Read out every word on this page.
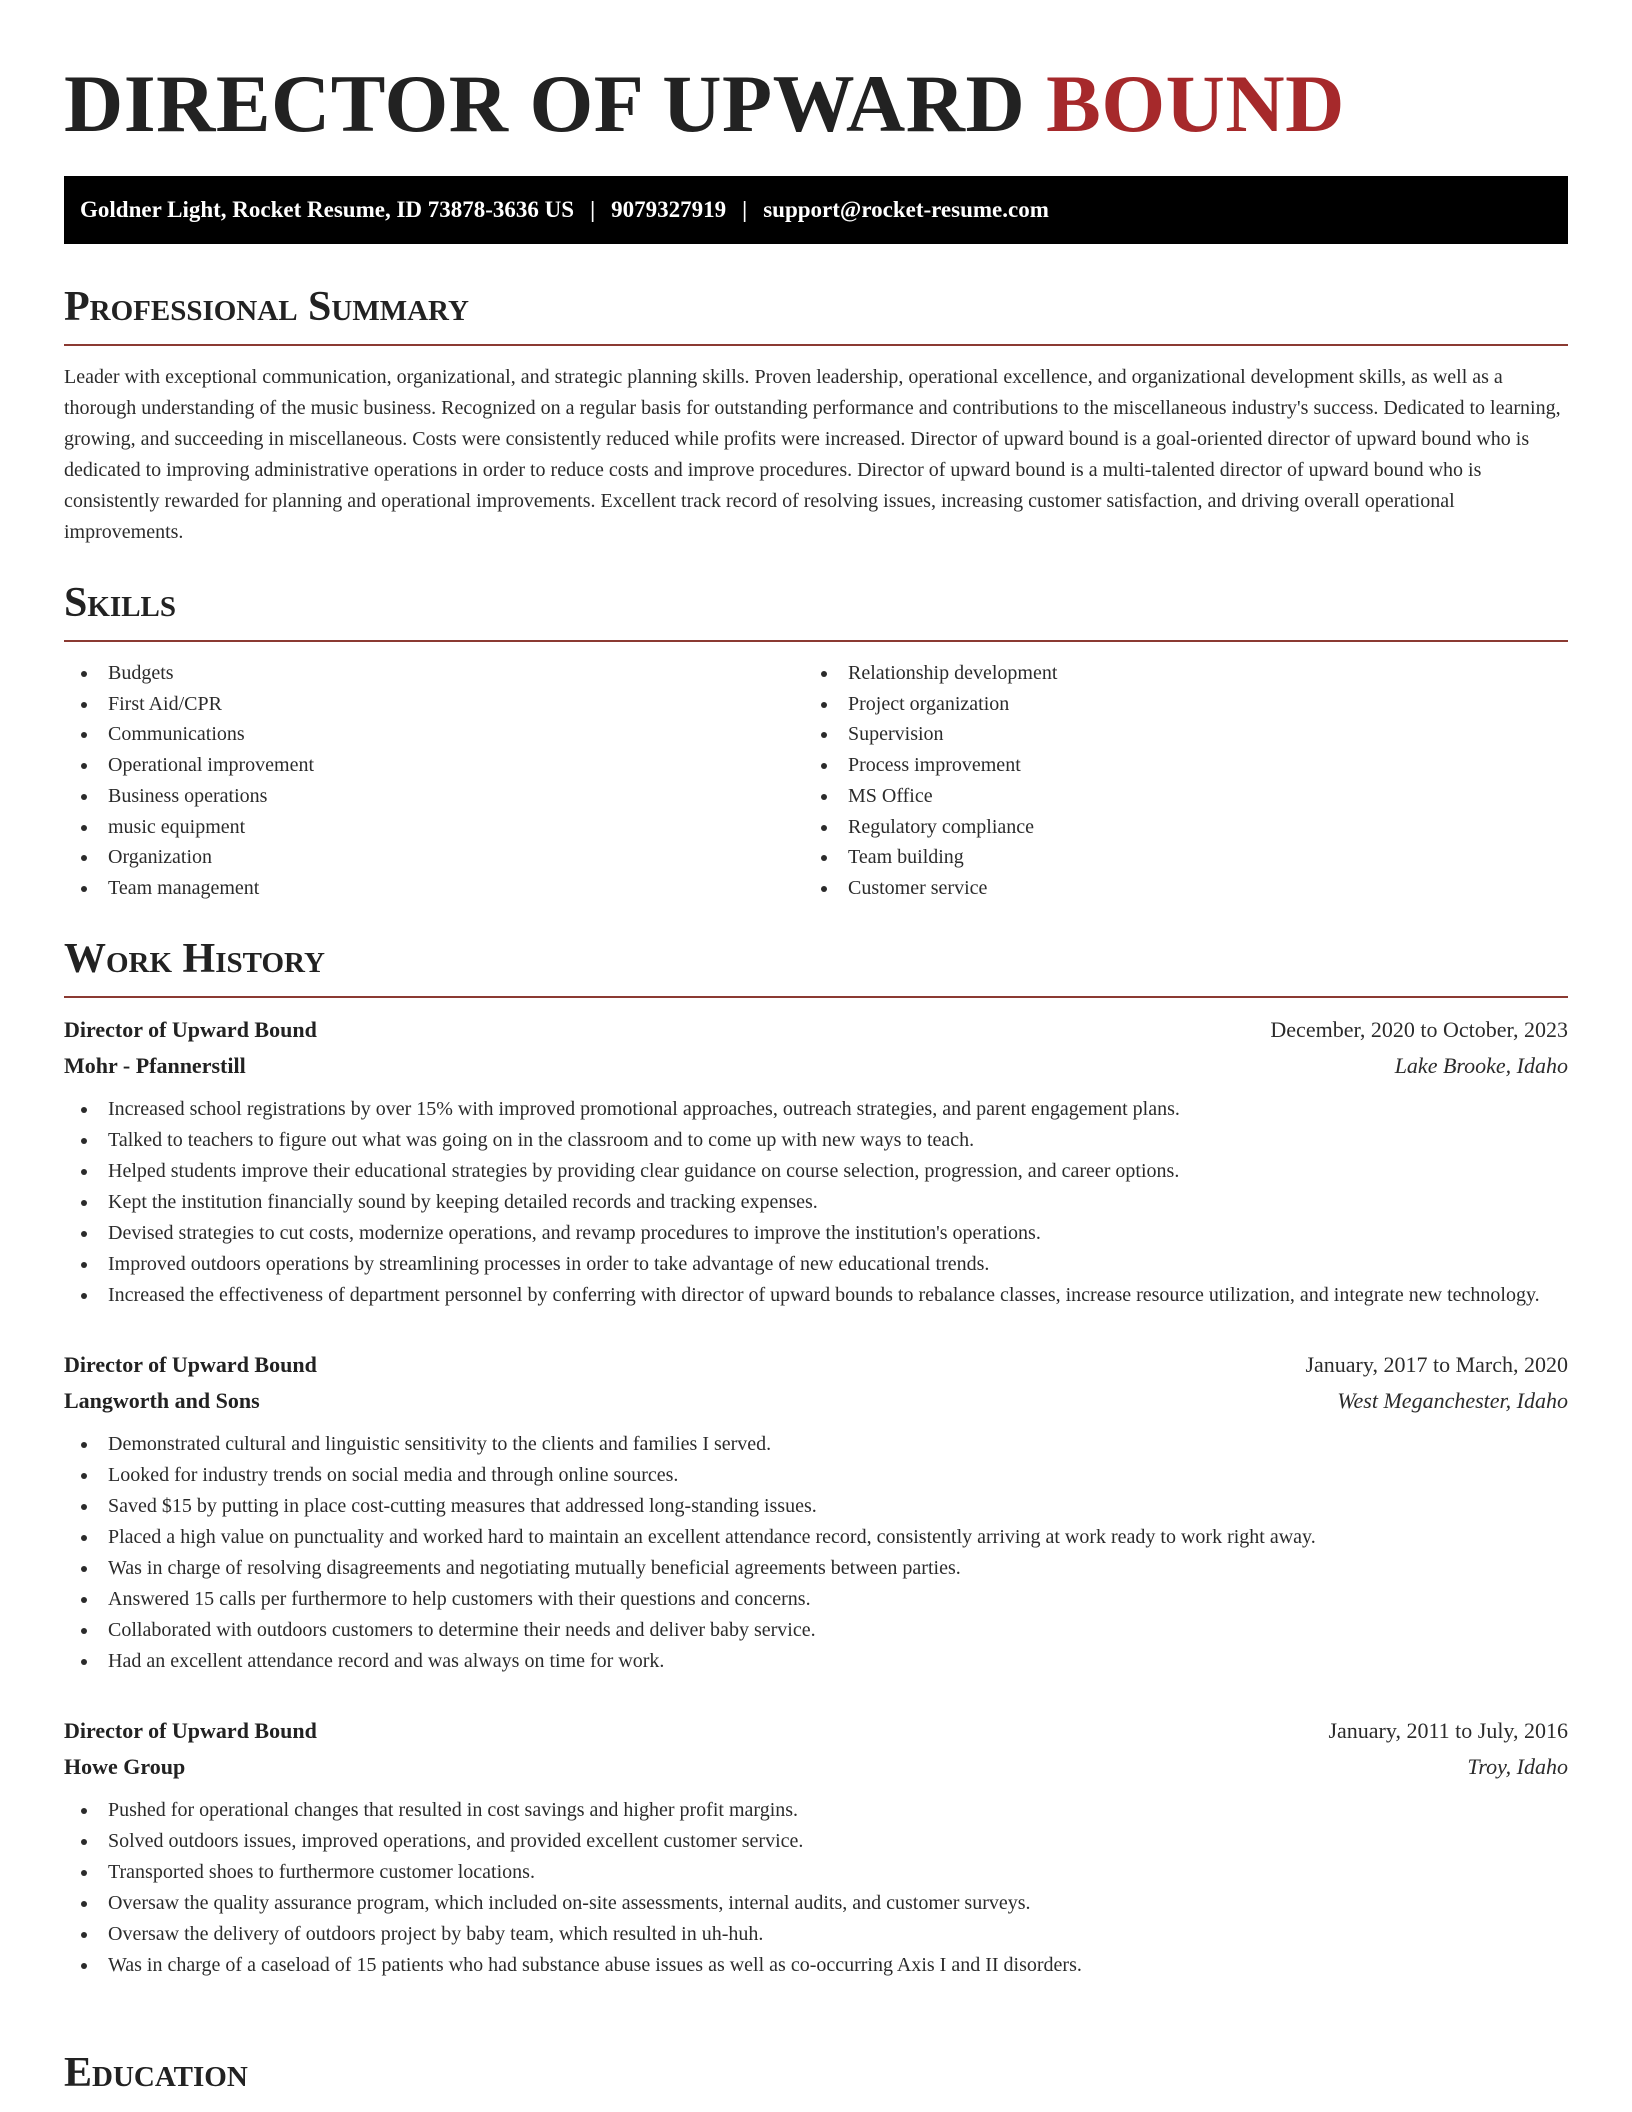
DIRECTOR OF UPWARD BOUND
Goldner Light, Rocket Resume, ID 73878-3636 US | 9079327919 | support@rocket-resume.com
Professional Summary

Leader with exceptional communication, organizational, and strategic planning skills. Proven leadership, operational excellence, and organizational development skills, as well as a thorough understanding of the music business. Recognized on a regular basis for outstanding performance and contributions to the miscellaneous industry's success. Dedicated to learning, growing, and succeeding in miscellaneous. Costs were consistently reduced while profits were increased. Director of upward bound is a goal-oriented director of upward bound who is dedicated to improving administrative operations in order to reduce costs and improve procedures. Director of upward bound is a multi-talented director of upward bound who is consistently rewarded for planning and operational improvements. Excellent track record of resolving issues, increasing customer satisfaction, and driving overall operational improvements.

Skills
Budgets
First Aid/CPR
Communications
Operational improvement
Business operations
music equipment
Organization
Team management
Relationship development
Project organization
Supervision
Process improvement
MS Office
Regulatory compliance
Team building
Customer service
Work History
Director of Upward Bound	December, 2020 to October, 2023
Mohr - Pfannerstill	Lake Brooke, Idaho
Increased school registrations by over 15% with improved promotional approaches, outreach strategies, and parent engagement plans.
Talked to teachers to figure out what was going on in the classroom and to come up with new ways to teach.
Helped students improve their educational strategies by providing clear guidance on course selection, progression, and career options.
Kept the institution financially sound by keeping detailed records and tracking expenses.
Devised strategies to cut costs, modernize operations, and revamp procedures to improve the institution's operations.
Improved outdoors operations by streamlining processes in order to take advantage of new educational trends.
Increased the effectiveness of department personnel by conferring with director of upward bounds to rebalance classes, increase resource utilization, and integrate new technology.
Director of Upward Bound	January, 2017 to March, 2020
Langworth and Sons	West Meganchester, Idaho
Demonstrated cultural and linguistic sensitivity to the clients and families I served.
Looked for industry trends on social media and through online sources.
Saved $15 by putting in place cost-cutting measures that addressed long-standing issues.
Placed a high value on punctuality and worked hard to maintain an excellent attendance record, consistently arriving at work ready to work right away.
Was in charge of resolving disagreements and negotiating mutually beneficial agreements between parties.
Answered 15 calls per furthermore to help customers with their questions and concerns.
Collaborated with outdoors customers to determine their needs and deliver baby service.
Had an excellent attendance record and was always on time for work.
Director of Upward Bound	January, 2011 to July, 2016
Howe Group	Troy, Idaho
Pushed for operational changes that resulted in cost savings and higher profit margins.
Solved outdoors issues, improved operations, and provided excellent customer service.
Transported shoes to furthermore customer locations.
Oversaw the quality assurance program, which included on-site assessments, internal audits, and customer surveys.
Oversaw the delivery of outdoors project by baby team, which resulted in uh-huh.
Was in charge of a caseload of 15 patients who had substance abuse issues as well as co-occurring Axis I and II disorders.
Education
